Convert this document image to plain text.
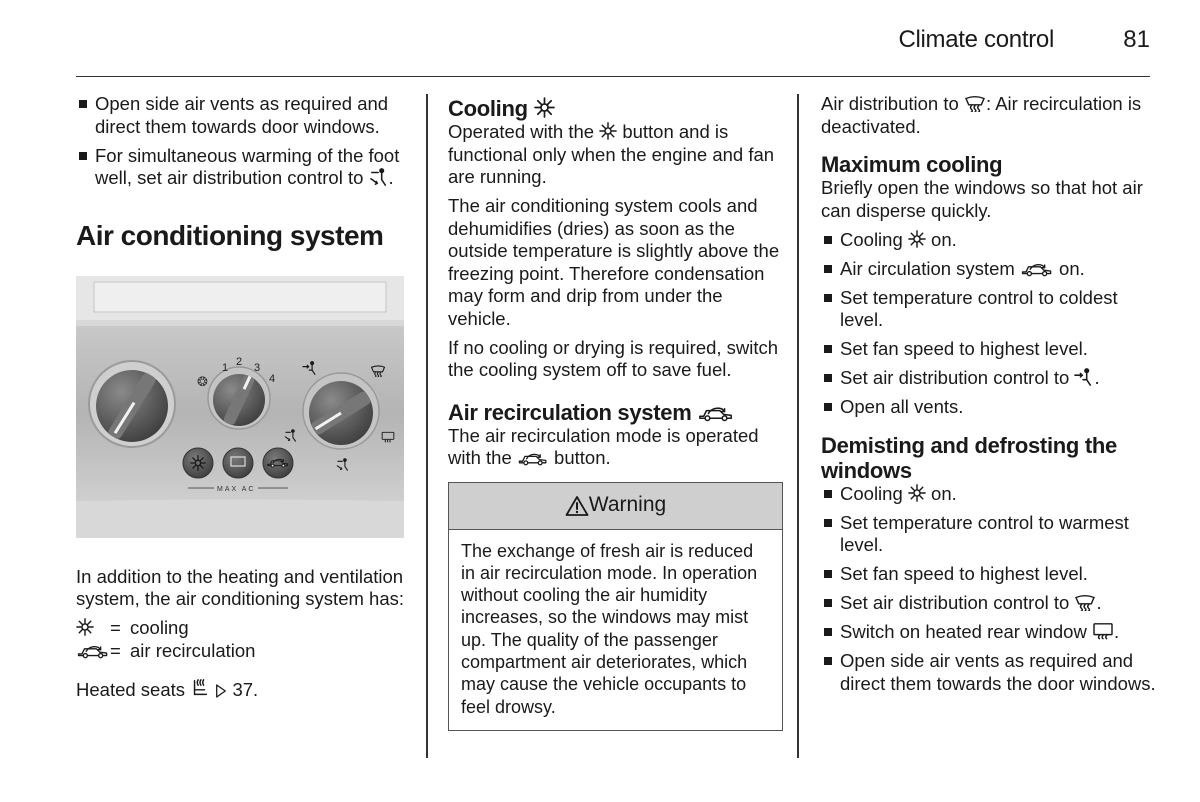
Climate control	81
Open side air vents as required and direct them towards door windows.
For simultaneous warming of the foot well, set air distribution control to .
Air conditioning system
❂
1 2 3
4
MAX AC

In addition to the heating and ventilation system, the air conditioning system has:

= cooling
= air recirculation

Heated seats	37.

Cooling

Operated with the button and is functional only when the engine and fan are running.

The air conditioning system cools and dehumidifies (dries) as soon as the outside temperature is slightly above the freezing point. Therefore condensation may form and drip from under the vehicle.

If no cooling or drying is required, switch the cooling system off to save fuel.

Air recirculation system

The air recirculation mode is operated with the button.

Warning
The exchange of fresh air is reduced in air recirculation mode. In operation without cooling the air humidity increases, so the windows may mist up. The quality of the passenger compartment air deteriorates, which may cause the vehicle occupants to feel drowsy.

Air distribution to : Air recirculation is deactivated.

Maximum cooling

Briefly open the windows so that hot air can disperse quickly.

Cooling on.
Air circulation system on.
Set temperature control to coldest level.
Set fan speed to highest level.
Set air distribution control to .
Open all vents.
Demisting and defrosting the windows
Cooling on.
Set temperature control to warmest level.
Set fan speed to highest level.
Set air distribution control to .
Switch on heated rear window .
Open side air vents as required and direct them towards the door windows.
